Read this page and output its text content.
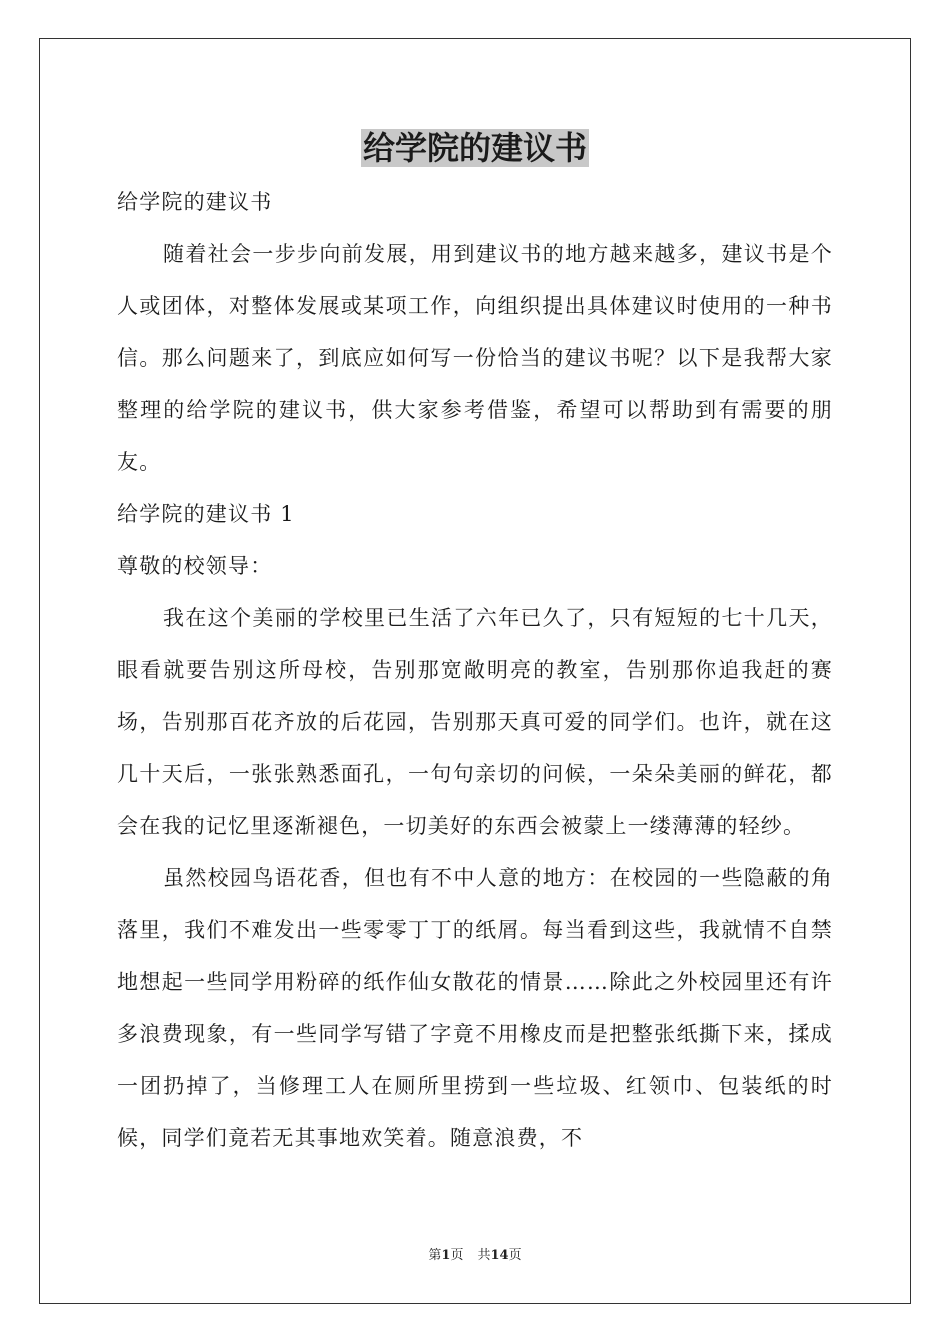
给学院的建议书

给学院的建议书

随着社会一步步向前发展，用到建议书的地方越来越多，建议书是个人或团体，对整体发展或某项工作，向组织提出具体建议时使用的一种书信。那么问题来了，到底应如何写一份恰当的建议书呢？以下是我帮大家整理的给学院的建议书，供大家参考借鉴，希望可以帮助到有需要的朋友。

给学院的建议书 1

尊敬的校领导：

我在这个美丽的学校里已生活了六年已久了，只有短短的七十几天，眼看就要告别这所母校，告别那宽敞明亮的教室，告别那你追我赶的赛场，告别那百花齐放的后花园，告别那天真可爱的同学们。也许，就在这几十天后，一张张熟悉面孔，一句句亲切的问候，一朵朵美丽的鲜花，都会在我的记忆里逐渐褪色，一切美好的东西会被蒙上一缕薄薄的轻纱。

虽然校园鸟语花香，但也有不中人意的地方：在校园的一些隐蔽的角落里，我们不难发出一些零零丁丁的纸屑。每当看到这些，我就情不自禁地想起一些同学用粉碎的纸作仙女散花的情景……除此之外校园里还有许多浪费现象，有一些同学写错了字竟不用橡皮而是把整张纸撕下来，揉成一团扔掉了，当修理工人在厕所里捞到一些垃圾、红领巾、包装纸的时候，同学们竟若无其事地欢笑着。随意浪费，不

第1页 共14页
